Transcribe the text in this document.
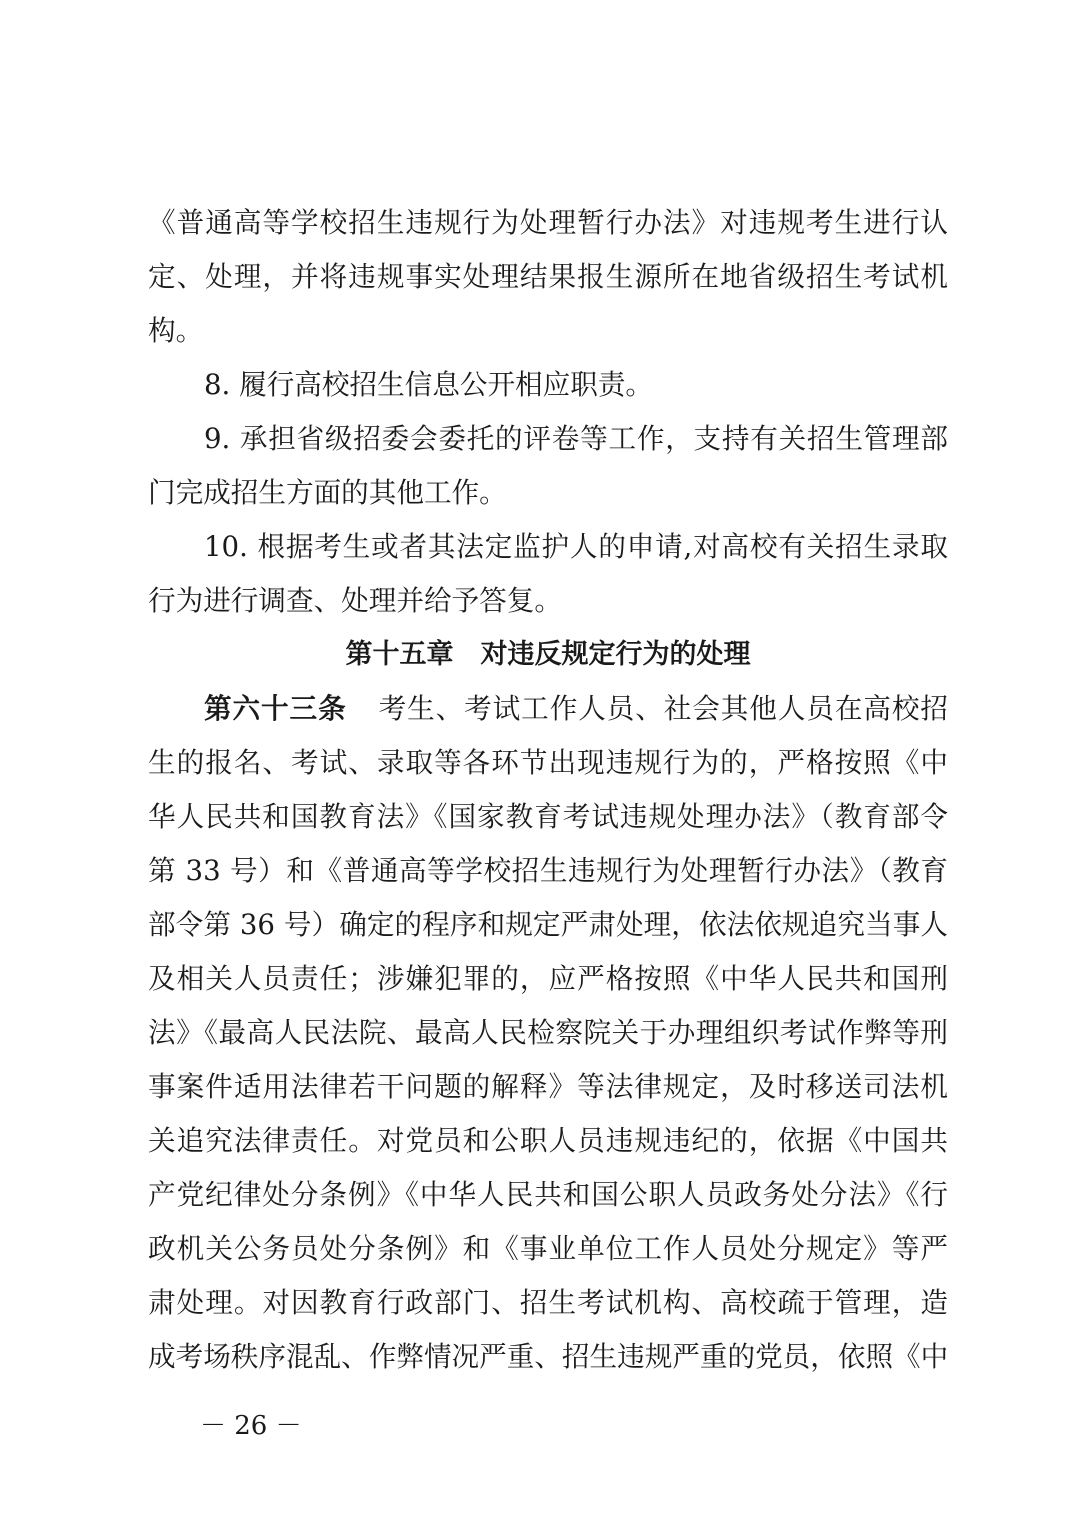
《普通高等学校招生违规行为处理暂行办法》对违规考生进行认
定、处理，并将违规事实处理结果报生源所在地省级招生考试机
构。
8. 履行高校招生信息公开相应职责。
9. 承担省级招委会委托的评卷等工作，支持有关招生管理部
门完成招生方面的其他工作。
10. 根据考生或者其法定监护人的申请,对高校有关招生录取
行为进行调查、处理并给予答复。
第十五章　对违反规定行为的处理
第六十三条 考生、考试工作人员、社会其他人员在高校招
生的报名、考试、录取等各环节出现违规行为的，严格按照《中
华人民共和国教育法》《国家教育考试违规处理办法》（教育部令
第 33 号）和《普通高等学校招生违规行为处理暂行办法》（教育
部令第 36 号）确定的程序和规定严肃处理，依法依规追究当事人
及相关人员责任；涉嫌犯罪的，应严格按照《中华人民共和国刑
法》《最高人民法院、最高人民检察院关于办理组织考试作弊等刑
事案件适用法律若干问题的解释》等法律规定，及时移送司法机
关追究法律责任。对党员和公职人员违规违纪的，依据《中国共
产党纪律处分条例》《中华人民共和国公职人员政务处分法》《行
政机关公务员处分条例》和《事业单位工作人员处分规定》等严
肃处理。对因教育行政部门、招生考试机构、高校疏于管理，造
成考场秩序混乱、作弊情况严重、招生违规严重的党员，依照《中
－ 26 －
